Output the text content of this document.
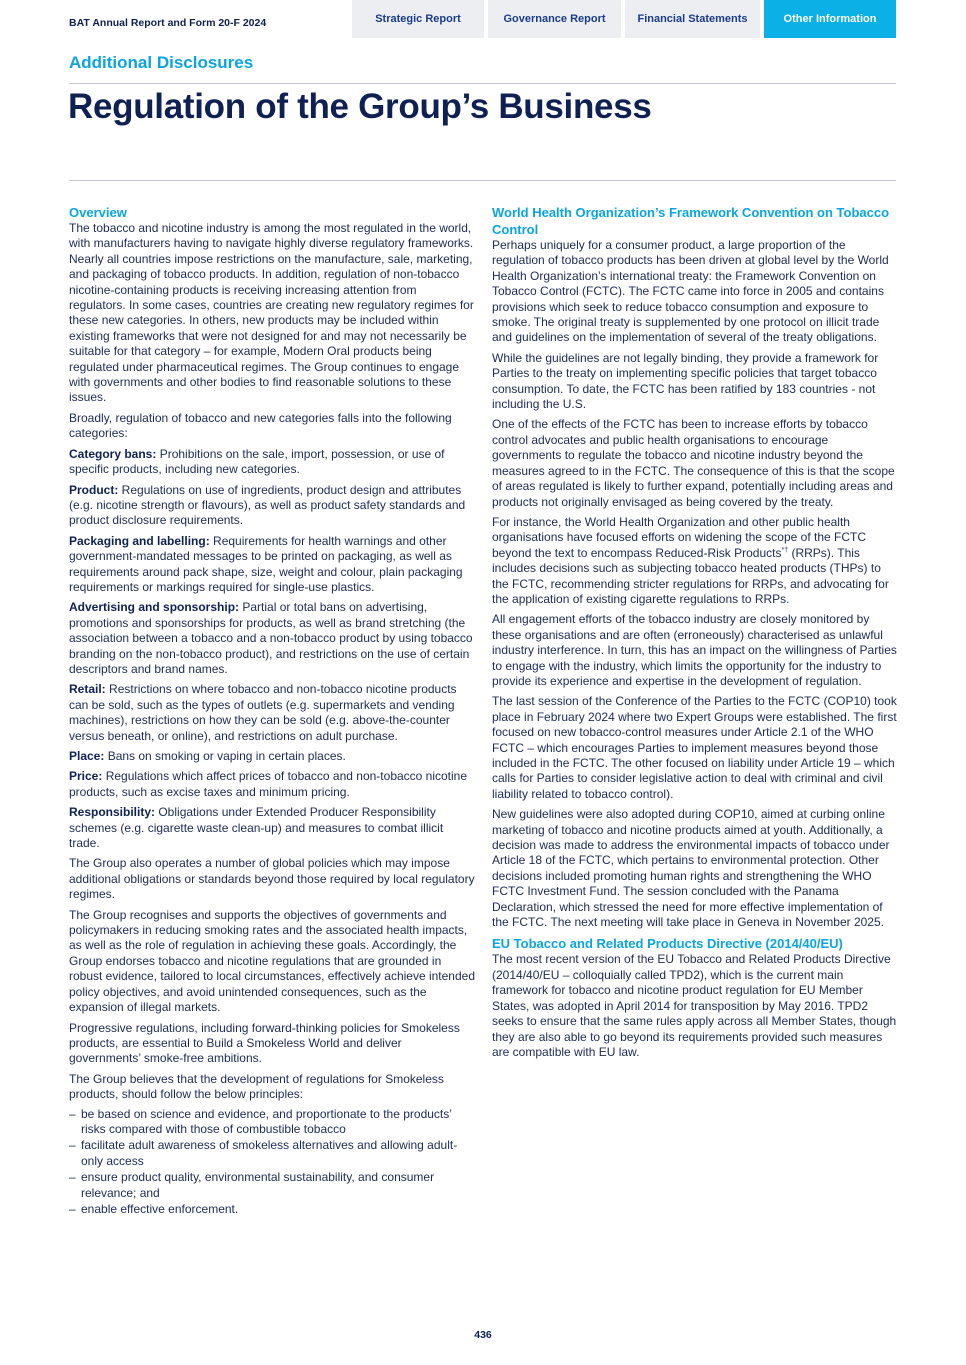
BAT Annual Report and Form 20-F 2024	Strategic Report	Governance Report	Financial Statements	Other Information
Additional Disclosures
Regulation of the Group’s Business
Overview

The tobacco and nicotine industry is among the most regulated in the world, with manufacturers having to navigate highly diverse regulatory frameworks. Nearly all countries impose restrictions on the manufacture, sale, marketing, and packaging of tobacco products. In addition, regulation of non-tobacco nicotine-containing products is receiving increasing attention from regulators. In some cases, countries are creating new regulatory regimes for these new categories. In others, new products may be included within existing frameworks that were not designed for and may not necessarily be suitable for that category – for example, Modern Oral products being regulated under pharmaceutical regimes. The Group continues to engage with governments and other bodies to find reasonable solutions to these issues.

Broadly, regulation of tobacco and new categories falls into the following categories:

Category bans: Prohibitions on the sale, import, possession, or use of specific products, including new categories.

Product: Regulations on use of ingredients, product design and attributes (e.g. nicotine strength or flavours), as well as product safety standards and product disclosure requirements.

Packaging and labelling: Requirements for health warnings and other government-mandated messages to be printed on packaging, as well as requirements around pack shape, size, weight and colour, plain packaging requirements or markings required for single-use plastics.

Advertising and sponsorship: Partial or total bans on advertising, promotions and sponsorships for products, as well as brand stretching (the association between a tobacco and a non-tobacco product by using tobacco branding on the non-tobacco product), and restrictions on the use of certain descriptors and brand names.

Retail: Restrictions on where tobacco and non-tobacco nicotine products can be sold, such as the types of outlets (e.g. supermarkets and vending machines), restrictions on how they can be sold (e.g. above-the-counter versus beneath, or online), and restrictions on adult purchase.

Place: Bans on smoking or vaping in certain places.

Price: Regulations which affect prices of tobacco and non-tobacco nicotine products, such as excise taxes and minimum pricing.

Responsibility: Obligations under Extended Producer Responsibility schemes (e.g. cigarette waste clean-up) and measures to combat illicit trade.

The Group also operates a number of global policies which may impose additional obligations or standards beyond those required by local regulatory regimes.

The Group recognises and supports the objectives of governments and policymakers in reducing smoking rates and the associated health impacts, as well as the role of regulation in achieving these goals. Accordingly, the Group endorses tobacco and nicotine regulations that are grounded in robust evidence, tailored to local circumstances, effectively achieve intended policy objectives, and avoid unintended consequences, such as the expansion of illegal markets.

Progressive regulations, including forward-thinking policies for Smokeless products, are essential to Build a Smokeless World and deliver governments’ smoke-free ambitions.

The Group believes that the development of regulations for Smokeless products, should follow the below principles:

– be based on science and evidence, and proportionate to the products’ risks compared with those of combustible tobacco
– facilitate adult awareness of smokeless alternatives and allowing adult-only access
– ensure product quality, environmental sustainability, and consumer relevance; and
– enable effective enforcement.
World Health Organization’s Framework Convention on Tobacco Control

Perhaps uniquely for a consumer product, a large proportion of the regulation of tobacco products has been driven at global level by the World Health Organization’s international treaty: the Framework Convention on Tobacco Control (FCTC). The FCTC came into force in 2005 and contains provisions which seek to reduce tobacco consumption and exposure to smoke. The original treaty is supplemented by one protocol on illicit trade and guidelines on the implementation of several of the treaty obligations.

While the guidelines are not legally binding, they provide a framework for Parties to the treaty on implementing specific policies that target tobacco consumption. To date, the FCTC has been ratified by 183 countries - not including the U.S.

One of the effects of the FCTC has been to increase efforts by tobacco control advocates and public health organisations to encourage governments to regulate the tobacco and nicotine industry beyond the measures agreed to in the FCTC. The consequence of this is that the scope of areas regulated is likely to further expand, potentially including areas and products not originally envisaged as being covered by the treaty.

For instance, the World Health Organization and other public health organisations have focused efforts on widening the scope of the FCTC beyond the text to encompass Reduced-Risk Products*† (RRPs). This includes decisions such as subjecting tobacco heated products (THPs) to the FCTC, recommending stricter regulations for RRPs, and advocating for the application of existing cigarette regulations to RRPs.

All engagement efforts of the tobacco industry are closely monitored by these organisations and are often (erroneously) characterised as unlawful industry interference. In turn, this has an impact on the willingness of Parties to engage with the industry, which limits the opportunity for the industry to provide its experience and expertise in the development of regulation.

The last session of the Conference of the Parties to the FCTC (COP10) took place in February 2024 where two Expert Groups were established. The first focused on new tobacco-control measures under Article 2.1 of the WHO FCTC – which encourages Parties to implement measures beyond those included in the FCTC. The other focused on liability under Article 19 – which calls for Parties to consider legislative action to deal with criminal and civil liability related to tobacco control).

New guidelines were also adopted during COP10, aimed at curbing online marketing of tobacco and nicotine products aimed at youth. Additionally, a decision was made to address the environmental impacts of tobacco under Article 18 of the FCTC, which pertains to environmental protection. Other decisions included promoting human rights and strengthening the WHO FCTC Investment Fund. The session concluded with the Panama Declaration, which stressed the need for more effective implementation of the FCTC. The next meeting will take place in Geneva in November 2025.

EU Tobacco and Related Products Directive (2014/40/EU)

The most recent version of the EU Tobacco and Related Products Directive (2014/40/EU – colloquially called TPD2), which is the current main framework for tobacco and nicotine product regulation for EU Member States, was adopted in April 2014 for transposition by May 2016. TPD2 seeks to ensure that the same rules apply across all Member States, though they are also able to go beyond its requirements provided such measures are compatible with EU law.

436
